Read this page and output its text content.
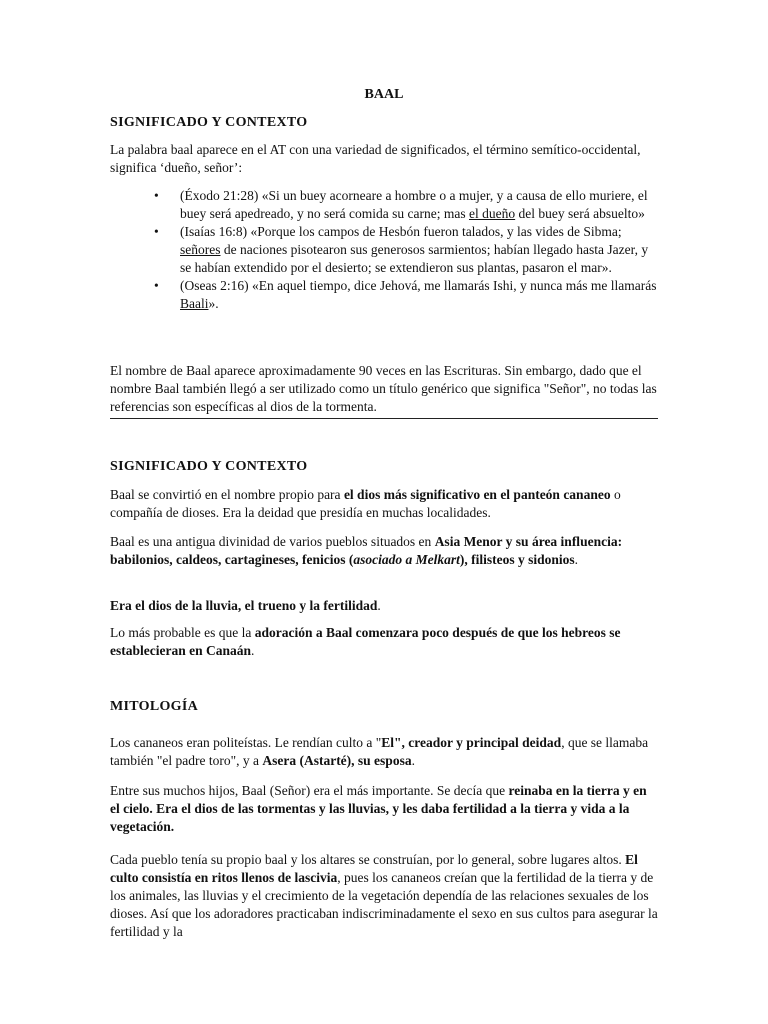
BAAL
SIGNIFICADO Y CONTEXTO

La palabra baal aparece en el AT con una variedad de significados, el término semítico-occidental, significa ‘dueño, señor’:

• (Éxodo 21:28) «Si un buey acorneare a hombre o a mujer, y a causa de ello muriere, el buey será apedreado, y no será comida su carne; mas el dueño del buey será absuelto»
• (Isaías 16:8) «Porque los campos de Hesbón fueron talados, y las vides de Sibma; señores de naciones pisotearon sus generosos sarmientos; habían llegado hasta Jazer, y se habían extendido por el desierto; se extendieron sus plantas, pasaron el mar».
• (Oseas 2:16) «En aquel tiempo, dice Jehová, me llamarás Ishi, y nunca más me llamarás Baali».

El nombre de Baal aparece aproximadamente 90 veces en las Escrituras. Sin embargo, dado que el nombre Baal también llegó a ser utilizado como un título genérico que significa "Señor", no todas las referencias son específicas al dios de la tormenta.

SIGNIFICADO Y CONTEXTO

Baal se convirtió en el nombre propio para el dios más significativo en el panteón cananeo o compañía de dioses. Era la deidad que presidía en muchas localidades.

Baal es una antigua divinidad de varios pueblos situados en Asia Menor y su área influencia: babilonios, caldeos, cartagineses, fenicios (asociado a Melkart), filisteos y sidonios.

Era el dios de la lluvia, el trueno y la fertilidad.

Lo más probable es que la adoración a Baal comenzara poco después de que los hebreos se establecieran en Canaán.

MITOLOGÍA

Los cananeos eran politeístas. Le rendían culto a "El", creador y principal deidad, que se llamaba también "el padre toro", y a Asera (Astarté), su esposa.

Entre sus muchos hijos, Baal (Señor) era el más importante. Se decía que reinaba en la tierra y en el cielo. Era el dios de las tormentas y las lluvias, y les daba fertilidad a la tierra y vida a la vegetación.

Cada pueblo tenía su propio baal y los altares se construían, por lo general, sobre lugares altos. El culto consistía en ritos llenos de lascivia, pues los cananeos creían que la fertilidad de la tierra y de los animales, las lluvias y el crecimiento de la vegetación dependía de las relaciones sexuales de los dioses. Así que los adoradores practicaban indiscriminadamente el sexo en sus cultos para asegurar la fertilidad y la
